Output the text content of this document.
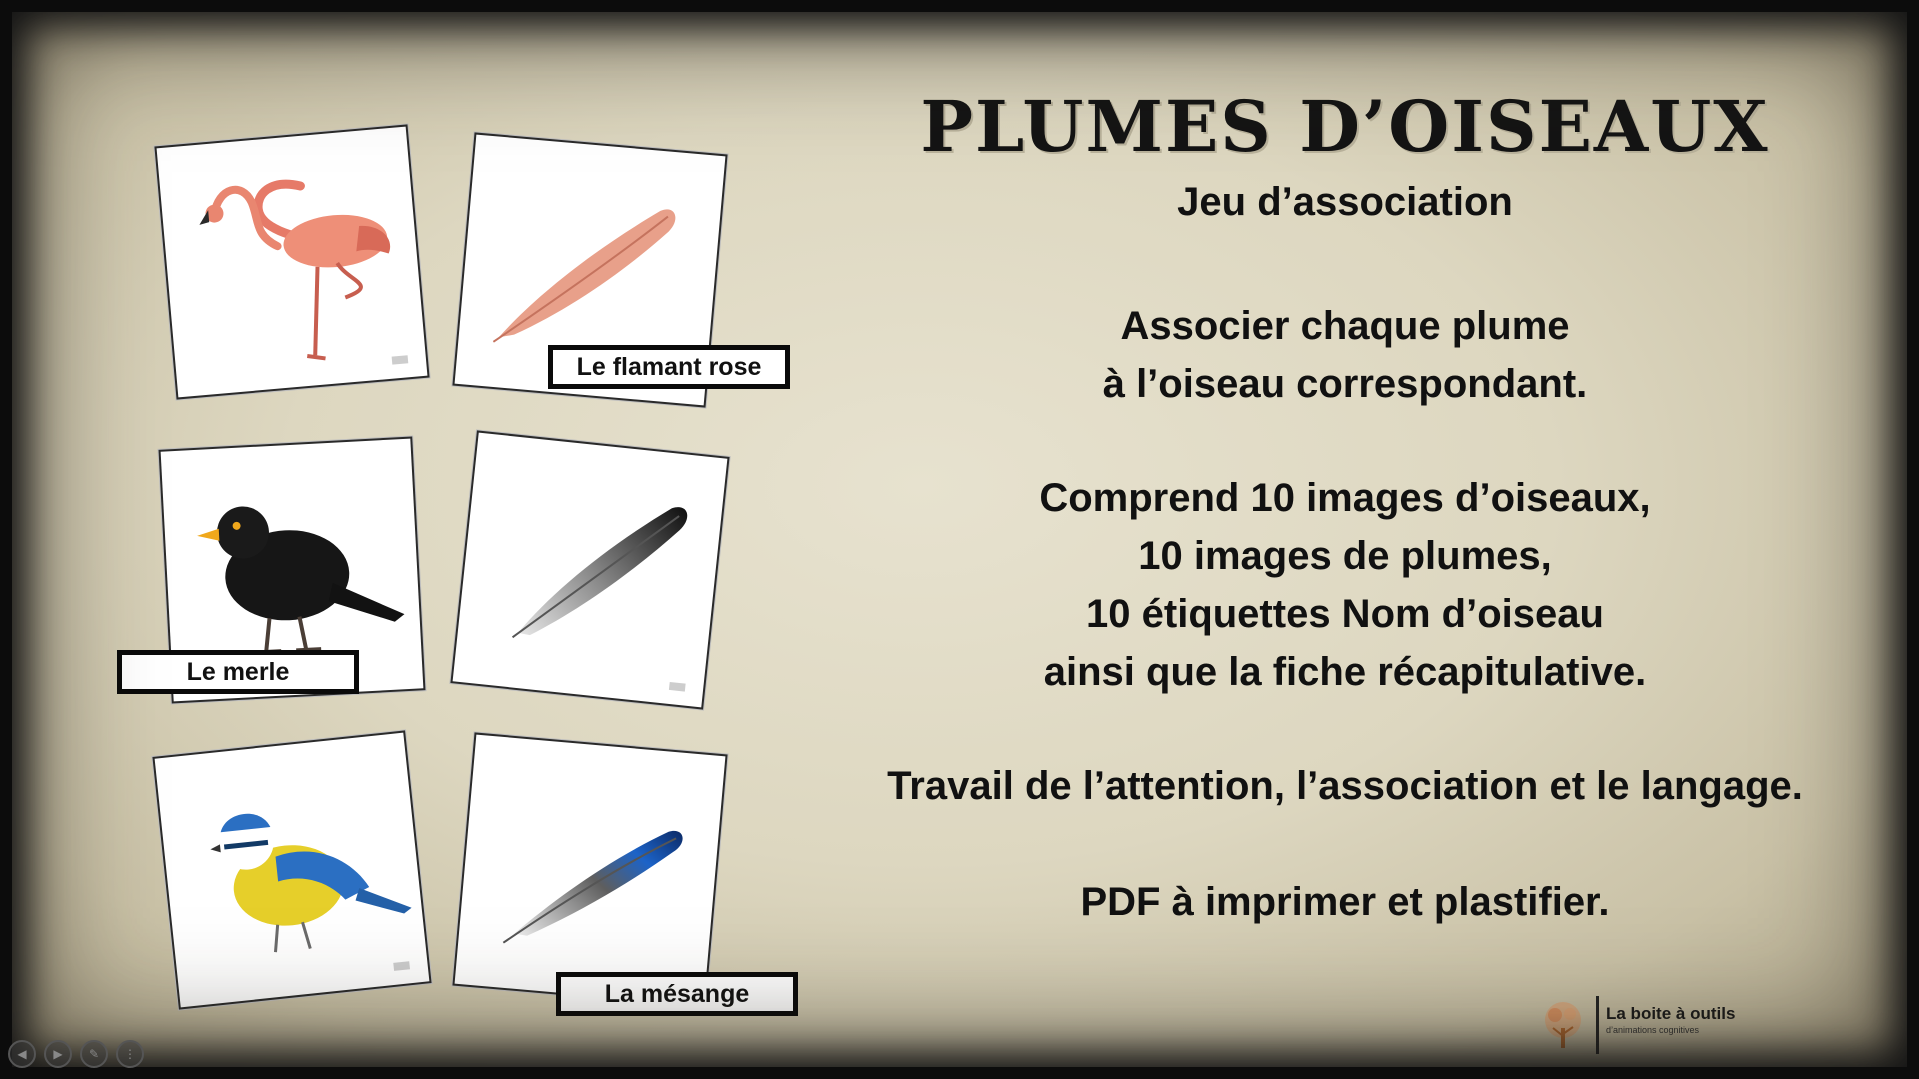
Le flamant rose
Le merle
La mésange
PLUMES D’OISEAUX
Jeu d’association
Associer chaque plume
à l’oiseau correspondant.
Comprend 10 images d’oiseaux,
10 images de plumes,
10 étiquettes Nom d’oiseau
ainsi que la fiche récapitulative.
Travail de l’attention, l’association et le langage.
PDF à imprimer et plastifier.
La boite à outils
d’animations cognitives
◀	▶	✎	⋮
